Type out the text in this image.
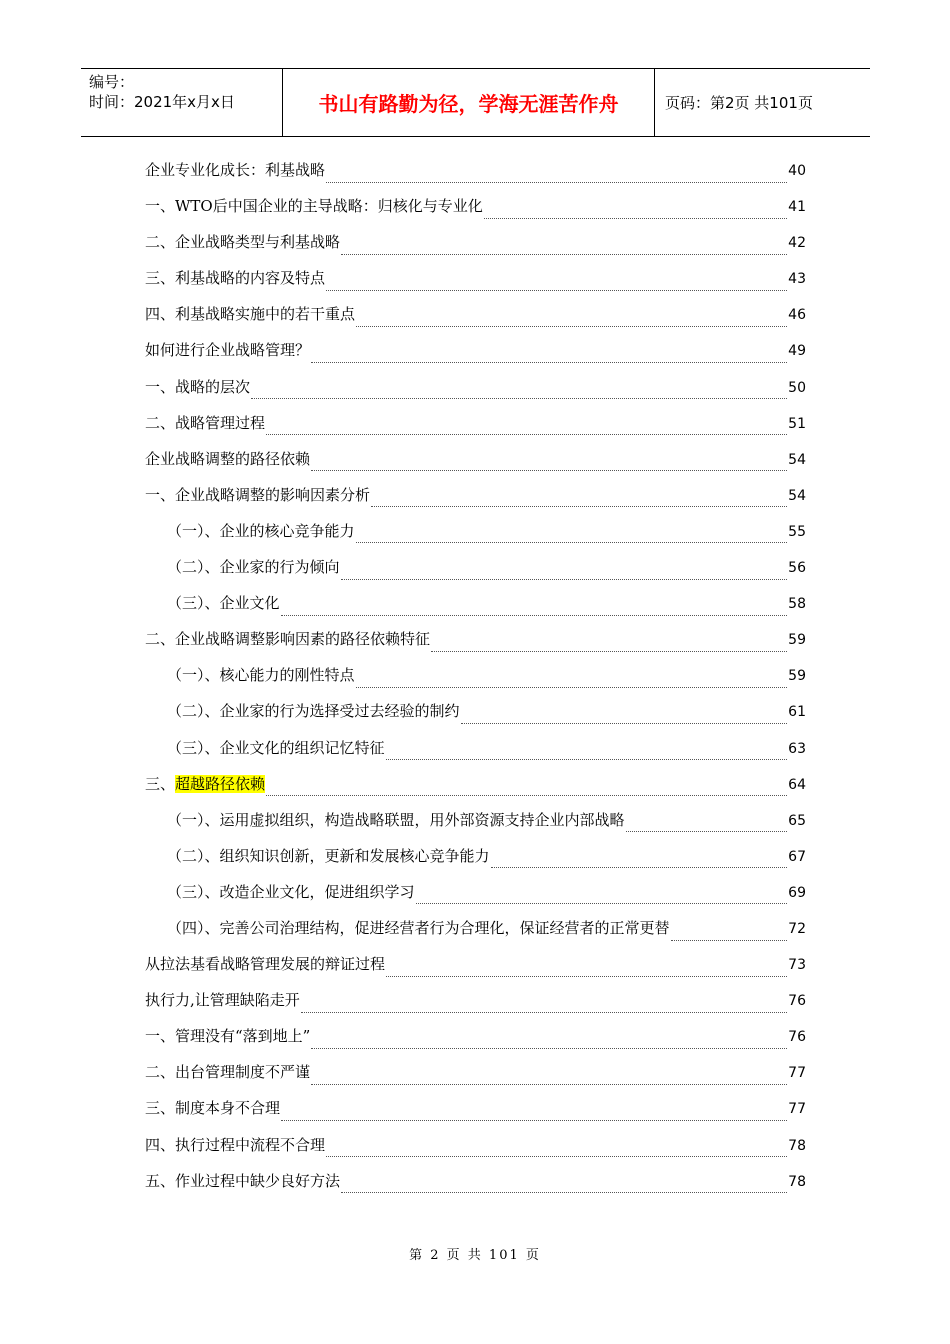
编号：
时间：2021年x月x日	书山有路勤为径，学海无涯苦作舟	页码：第2页 共101页
企业专业化成长：利基战略	40
一、WTO后中国企业的主导战略：归核化与专业化	41
二、企业战略类型与利基战略	42
三、利基战略的内容及特点	43
四、利基战略实施中的若干重点	46
如何进行企业战略管理？	49
一、战略的层次	50
二、战略管理过程	51
企业战略调整的路径依赖	54
一、企业战略调整的影响因素分析	54
（一）、企业的核心竞争能力	55
（二）、企业家的行为倾向	56
（三）、企业文化	58
二、企业战略调整影响因素的路径依赖特征	59
（一）、核心能力的刚性特点	59
（二）、企业家的行为选择受过去经验的制约	61
（三）、企业文化的组织记忆特征	63
三、超越路径依赖	64
（一）、运用虚拟组织，构造战略联盟，用外部资源支持企业内部战略	65
（二）、组织知识创新，更新和发展核心竞争能力	67
（三）、改造企业文化，促进组织学习	69
（四）、完善公司治理结构，促进经营者行为合理化，保证经营者的正常更替	72
从拉法基看战略管理发展的辩证过程	73
执行力,让管理缺陷走开	76
一、管理没有“落到地上”	76
二、出台管理制度不严谨	77
三、制度本身不合理	77
四、执行过程中流程不合理	78
五、作业过程中缺少良好方法	78
第 2 页 共 101 页
